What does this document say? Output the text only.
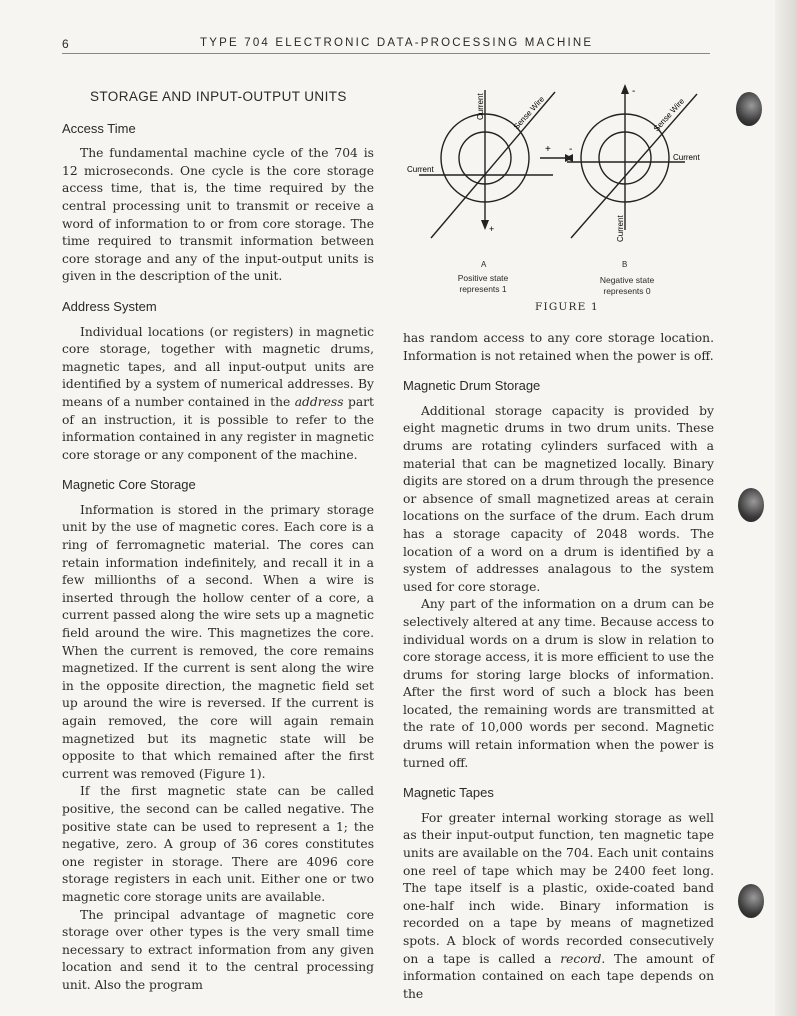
6	TYPE 704 ELECTRONIC DATA-PROCESSING MACHINE
STORAGE AND INPUT-OUTPUT UNITS
Access Time

The fundamental machine cycle of the 704 is 12 microseconds. One cycle is the core storage access time, that is, the time required by the central processing unit to transmit or receive a word of information to or from core storage. The time required to transmit information between core storage and any of the input-output units is given in the description of the unit.

Address System

Individual locations (or registers) in magnetic core storage, together with magnetic drums, magnetic tapes, and all input-output units are identified by a system of numerical addresses. By means of a number contained in the address part of an instruction, it is possible to refer to the information contained in any register in magnetic core storage or any component of the machine.

Magnetic Core Storage

Information is stored in the primary storage unit by the use of magnetic cores. Each core is a ring of ferromagnetic material. The cores can retain information indefinitely, and recall it in a few millionths of a second. When a wire is inserted through the hollow center of a core, a current passed along the wire sets up a magnetic field around the wire. This magnetizes the core. When the current is removed, the core remains magnetized. If the current is sent along the wire in the opposite direction, the magnetic field set up around the wire is reversed. If the current is again removed, the core will again remain magnetized but its magnetic state will be opposite to that which remained after the first current was removed (Figure 1).

If the first magnetic state can be called positive, the second can be called negative. The positive state can be used to represent a 1; the negative, zero. A group of 36 cores constitutes one register in storage. There are 4096 core storage registers in each unit. Either one or two magnetic core storage units are available.

The principal advantage of magnetic core storage over other types is the very small time necessary to extract information from any given location and send it to the central processing unit. Also the program

Current
Current
Sense Wire
+ -
+
-
Current
Current
Sense Wire
A	B
Positive state
represents 1
Negative state
represents 0
FIGURE 1

has random access to any core storage location. Information is not retained when the power is off.

Magnetic Drum Storage

Additional storage capacity is provided by eight magnetic drums in two drum units. These drums are rotating cylinders surfaced with a material that can be magnetized locally. Binary digits are stored on a drum through the presence or absence of small magnetized areas at cerain locations on the surface of the drum. Each drum has a storage capacity of 2048 words. The location of a word on a drum is identified by a system of addresses analagous to the system used for core storage.

Any part of the information on a drum can be selectively altered at any time. Because access to individual words on a drum is slow in relation to core storage access, it is more efficient to use the drums for storing large blocks of information. After the first word of such a block has been located, the remaining words are transmitted at the rate of 10,000 words per second. Magnetic drums will retain information when the power is turned off.

Magnetic Tapes

For greater internal working storage as well as their input-output function, ten magnetic tape units are available on the 704. Each unit contains one reel of tape which may be 2400 feet long. The tape itself is a plastic, oxide-coated band one-half inch wide. Binary information is recorded on a tape by means of magnetized spots. A block of words recorded consecutively on a tape is called a record. The amount of information contained on each tape depends on the
